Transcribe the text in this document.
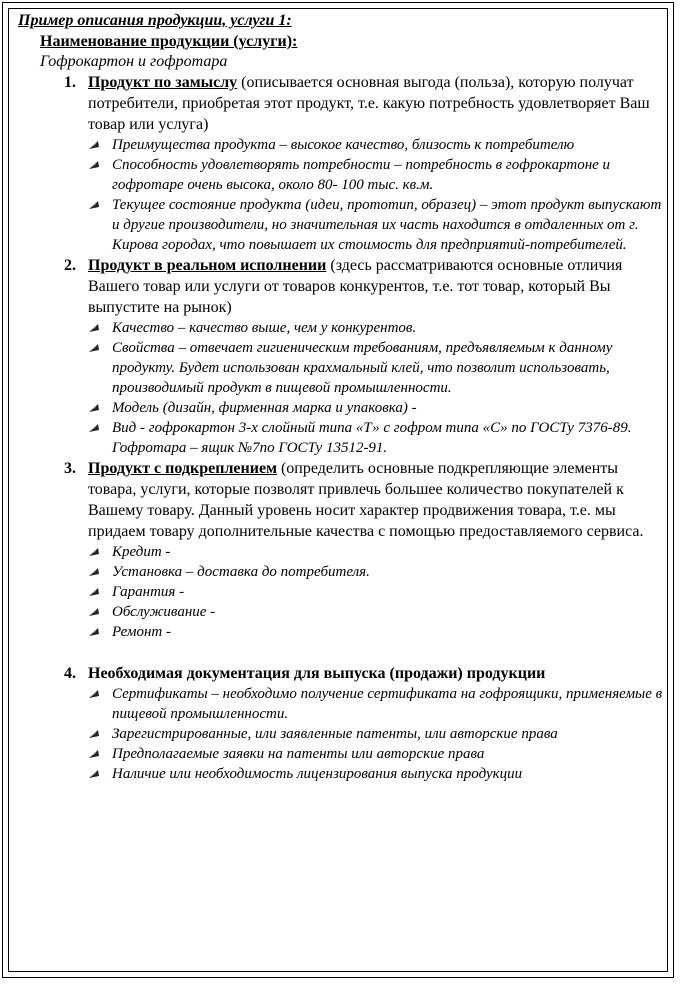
Пример описания продукции, услуги 1:

Наименование продукции (услуги):

Гофрокартон и гофротара

1. Продукт по замыслу (описывается основная выгода (польза), которую получат потребители, приобретая этот продукт, т.е. какую потребность удовлетворяет Ваш товар или услуга)

Преимущества продукта – высокое качество, близость к потребителю
Способность удовлетворять потребности – потребность в гофрокартоне и гофротаре очень высока, около 80- 100 тыс. кв.м.
Текущее состояние продукта (идеи, прототип, образец) – этот продукт выпускают и другие производители, но значительная их часть находится в отдаленных от г. Кирова городах, что повышает их стоимость для предприятий-потребителей.
2. Продукт в реальном исполнении (здесь рассматриваются основные отличия Вашего товар или услуги от товаров конкурентов, т.е. тот товар, который Вы выпустите на рынок)

Качество – качество выше, чем у конкурентов.
Свойства – отвечает гигиеническим требованиям, предъявляемым к данному продукту. Будет использован крахмальный клей, что позволит использовать, производимый продукт в пищевой промышленности.
Модель (дизайн, фирменная марка и упаковка) -
Вид - гофрокартон 3-х слойный типа «Т» с гофром типа «С» по ГОСТу 7376-89. Гофротара – ящик №7по ГОСТу 13512-91.
3. Продукт с подкреплением (определить основные подкрепляющие элементы товара, услуги, которые позволят привлечь большее количество покупателей к Вашему товару. Данный уровень носит характер продвижения товара, т.е. мы придаем товару дополнительные качества с помощью предоставляемого сервиса.

Кредит -
Установка – доставка до потребителя.
Гарантия -
Обслуживание -
Ремонт -
4. Необходимая документация для выпуска (продажи) продукции

Сертификаты – необходимо получение сертификата на гофроящики, применяемые в пищевой промышленности.
Зарегистрированные, или заявленные патенты, или авторские права
Предполагаемые заявки на патенты или авторские права
Наличие или необходимость лицензирования выпуска продукции
